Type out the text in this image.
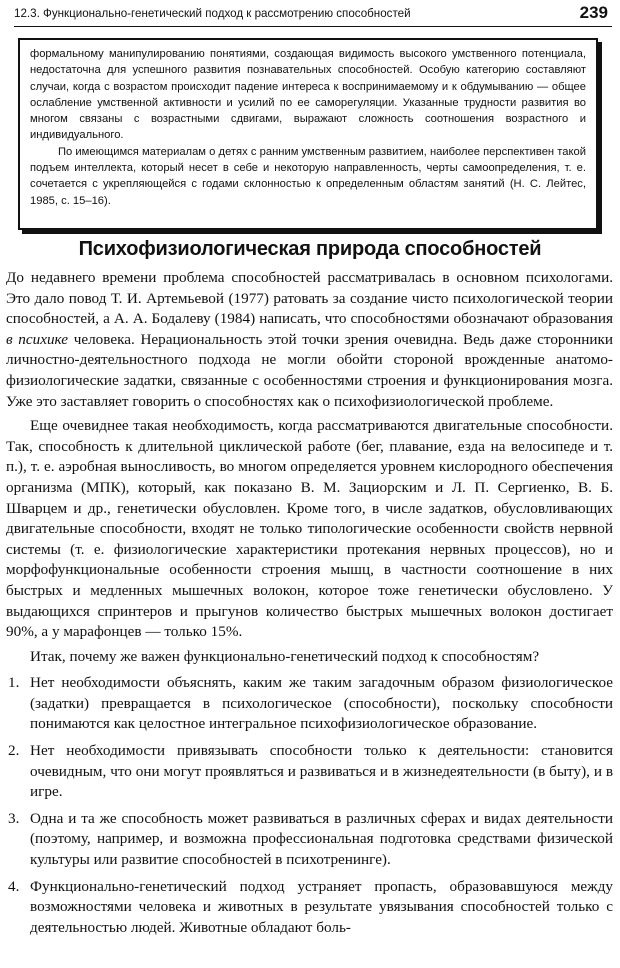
12.3. Функционально-генетический подход к рассмотрению способностей	239

формальному манипулированию понятиями, создающая видимость высокого умственного потенциала, недостаточна для успешного развития познавательных способностей. Особую категорию составляют случаи, когда с возрастом происходит падение интереса к воспринимаемому и к обдумыванию — общее ослабление умственной активности и усилий по ее саморегуляции. Указанные трудности развития во многом связаны с возрастными сдвигами, выражают сложность соотношения возрастного и индивидуального.

По имеющимся материалам о детях с ранним умственным развитием, наиболее перспективен такой подъем интеллекта, который несет в себе и некоторую направленность, черты самоопределения, т. е. сочетается с укрепляющейся с годами склонностью к определенным областям занятий (Н. С. Лейтес, 1985, с. 15–16).

Психофизиологическая природа способностей

До недавнего времени проблема способностей рассматривалась в основном психологами. Это дало повод Т. И. Артемьевой (1977) ратовать за создание чисто психологической теории способностей, а А. А. Бодалеву (1984) написать, что способностями обозначают образования в психике человека. Нерациональность этой точки зрения очевидна. Ведь даже сторонники личностно-деятельностного подхода не могли обойти стороной врожденные анатомо-физиологические задатки, связанные с особенностями строения и функционирования мозга. Уже это заставляет говорить о способностях как о психофизиологической проблеме.

Еще очевиднее такая необходимость, когда рассматриваются двигательные способности. Так, способность к длительной циклической работе (бег, плавание, езда на велосипеде и т. п.), т. е. аэробная выносливость, во многом определяется уровнем кислородного обеспечения организма (МПК), который, как показано В. М. Зациорским и Л. П. Сергиенко, В. Б. Шварцем и др., генетически обусловлен. Кроме того, в числе задатков, обусловливающих двигательные способности, входят не только типологические особенности свойств нервной системы (т. е. физиологические характеристики протекания нервных процессов), но и морфофункциональные особенности строения мышц, в частности соотношение в них быстрых и медленных мышечных волокон, которое тоже генетически обусловлено. У выдающихся спринтеров и прыгунов количество быстрых мышечных волокон достигает 90%, а у марафонцев — только 15%.

Итак, почему же важен функционально-генетический подход к способностям?

1. Нет необходимости объяснять, каким же таким загадочным образом физиологическое (задатки) превращается в психологическое (способности), поскольку способности понимаются как целостное интегральное психофизиологическое образование.
2. Нет необходимости привязывать способности только к деятельности: становится очевидным, что они могут проявляться и развиваться и в жизнедеятельности (в быту), и в игре.
3. Одна и та же способность может развиваться в различных сферах и видах деятельности (поэтому, например, и возможна профессиональная подготовка средствами физической культуры или развитие способностей в психотренинге).
4. Функционально-генетический подход устраняет пропасть, образовавшуюся между возможностями человека и животных в результате увязывания способностей только с деятельностью людей. Животные обладают боль-
